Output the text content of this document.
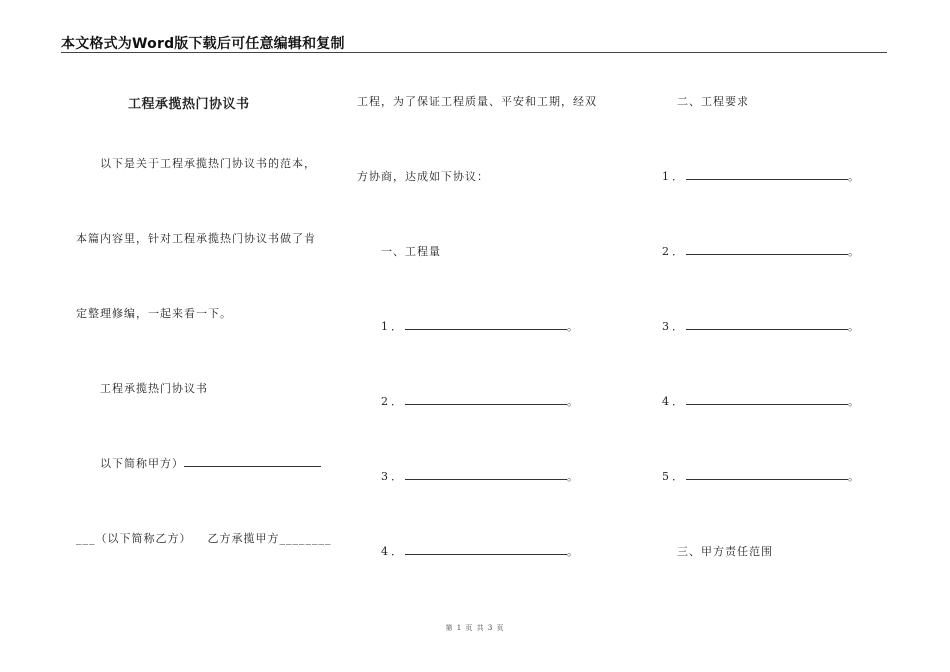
本文格式为Word版下载后可任意编辑和复制
工程承揽热门协议书
以下是关于工程承揽热门协议书的范本，
本篇内容里，针对工程承揽热门协议书做了肯
定整理修编，一起来看一下。
工程承揽热门协议书
以下简称甲方）
___（以下简称乙方） 乙方承揽甲方________
工程，为了保证工程质量、平安和工期，经双
方协商，达成如下协议：
一、工程量
1．	。
2．	。
3．	。
4．	。
二、工程要求
1．	。
2．	。
3．	。
4．	。
5．	。
三、甲方责任范围
第 1 页 共 3 页
